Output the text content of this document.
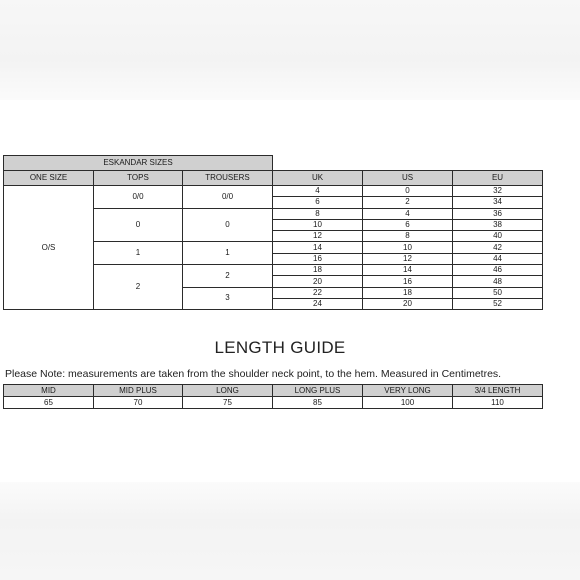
ESKANDAR SIZES					
ONE SIZE	TOPS	TROUSERS	UK	US	EU
O/S	0/0	0/0	4	0	32
			6	2	34
	0	0	8	4	36
			10	6	38
			12	8	40
	1	1	14	10	42
			16	12	44
	2	2	18	14	46
			20	16	48
		3	22	18	50
			24	20	52
LENGTH GUIDE
Please Note: measurements are taken from the shoulder neck point, to the hem. Measured in Centimetres.
MID	MID PLUS	LONG	LONG PLUS	VERY LONG	3/4 LENGTH
65	70	75	85	100	110
